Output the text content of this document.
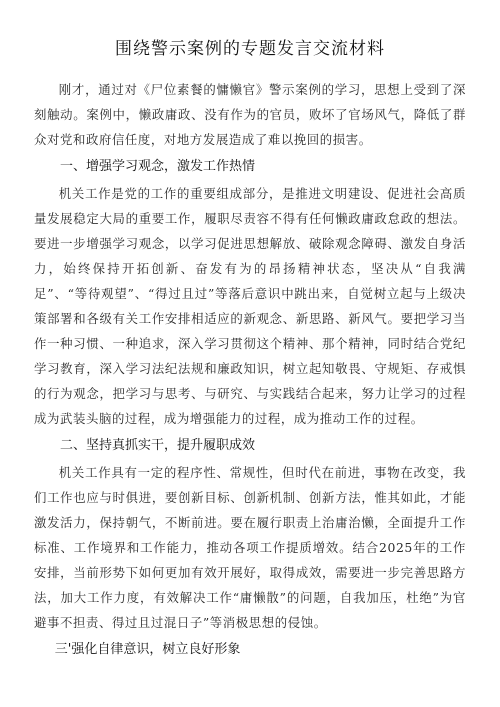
围绕警示案例的专题发言交流材料

刚才，通过对《尸位素餐的慵懒官》警示案例的学习，思想上受到了深刻触动。案例中，懒政庸政、没有作为的官员，败坏了官场风气，降低了群众对党和政府信任度，对地方发展造成了难以挽回的损害。

一、增强学习观念，激发工作热情

机关工作是党的工作的重要组成部分，是推进文明建设、促进社会高质量发展稳定大局的重要工作，履职尽责容不得有任何懒政庸政怠政的想法。要进一步增强学习观念，以学习促进思想解放、破除观念障碍、激发自身活力，始终保持开拓创新、奋发有为的昂扬精神状态，坚决从“自我满足”、“等待观望”、“得过且过”等落后意识中跳出来，自觉树立起与上级决策部署和各级有关工作安排相适应的新观念、新思路、新风气。要把学习当作一种习惯、一种追求，深入学习贯彻这个精神、那个精神，同时结合党纪学习教育，深入学习法纪法规和廉政知识，树立起知敬畏、守规矩、存戒惧的行为观念，把学习与思考、与研究、与实践结合起来，努力让学习的过程成为武装头脑的过程，成为增强能力的过程，成为推动工作的过程。

二、坚持真抓实干，提升履职成效

机关工作具有一定的程序性、常规性，但时代在前进，事物在改变，我们工作也应与时俱进，要创新目标、创新机制、创新方法，惟其如此，才能激发活力，保持朝气，不断前进。要在履行职责上治庸治懒，全面提升工作标准、工作境界和工作能力，推动各项工作提质增效。结合2025年的工作安排，当前形势下如何更加有效开展好，取得成效，需要进一步完善思路方法，加大工作力度，有效解决工作“庸懒散”的问题，自我加压，杜绝”为官避事不担责、得过且过混日子”等消极思想的侵蚀。

三'强化自律意识，树立良好形象
